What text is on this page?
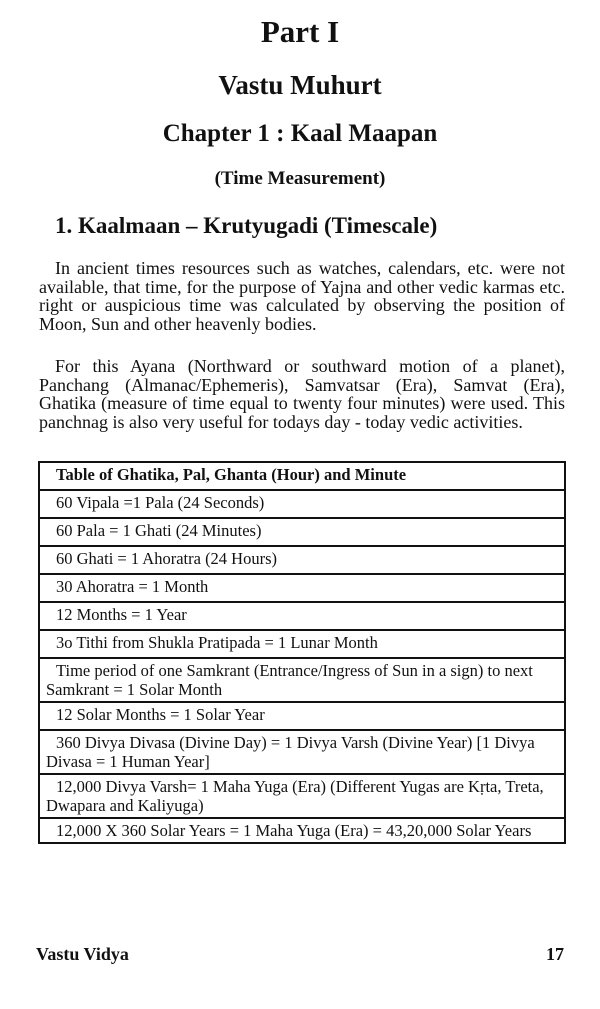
Part I
Vastu Muhurt
Chapter 1 : Kaal Maapan
(Time Measurement)
1. Kaalmaan – Krutyugadi (Timescale)

In ancient times resources such as watches, calendars, etc. were not available, that time, for the purpose of Yajna and other vedic karmas etc. right or auspicious time was calculated by observing the position of Moon, Sun and other heavenly bodies.

For this Ayana (Northward or southward motion of a planet), Panchang (Almanac/Ephemeris), Samvatsar (Era), Samvat (Era), Ghatika (measure of time equal to twenty four minutes) were used. This panchnag is also very useful for todays day - today vedic activities.

Table of Ghatika, Pal, Ghanta (Hour) and Minute
60 Vipala =1 Pala (24 Seconds)
60 Pala = 1 Ghati (24 Minutes)
60 Ghati = 1 Ahoratra (24 Hours)
30 Ahoratra = 1 Month
12 Months = 1 Year
3o Tithi from Shukla Pratipada = 1 Lunar Month
Time period of one Samkrant (Entrance/Ingress of Sun in a sign) to next Samkrant = 1 Solar Month
12 Solar Months = 1 Solar Year
360 Divya Divasa (Divine Day) = 1 Divya Varsh (Divine Year) [1 Divya Divasa = 1 Human Year]
12,000 Divya Varsh= 1 Maha Yuga (Era) (Different Yugas are Kṛta, Treta, Dwapara and Kaliyuga)
12,000 X 360 Solar Years = 1 Maha Yuga (Era) = 43,20,000 Solar Years
Vastu Vidya	17
